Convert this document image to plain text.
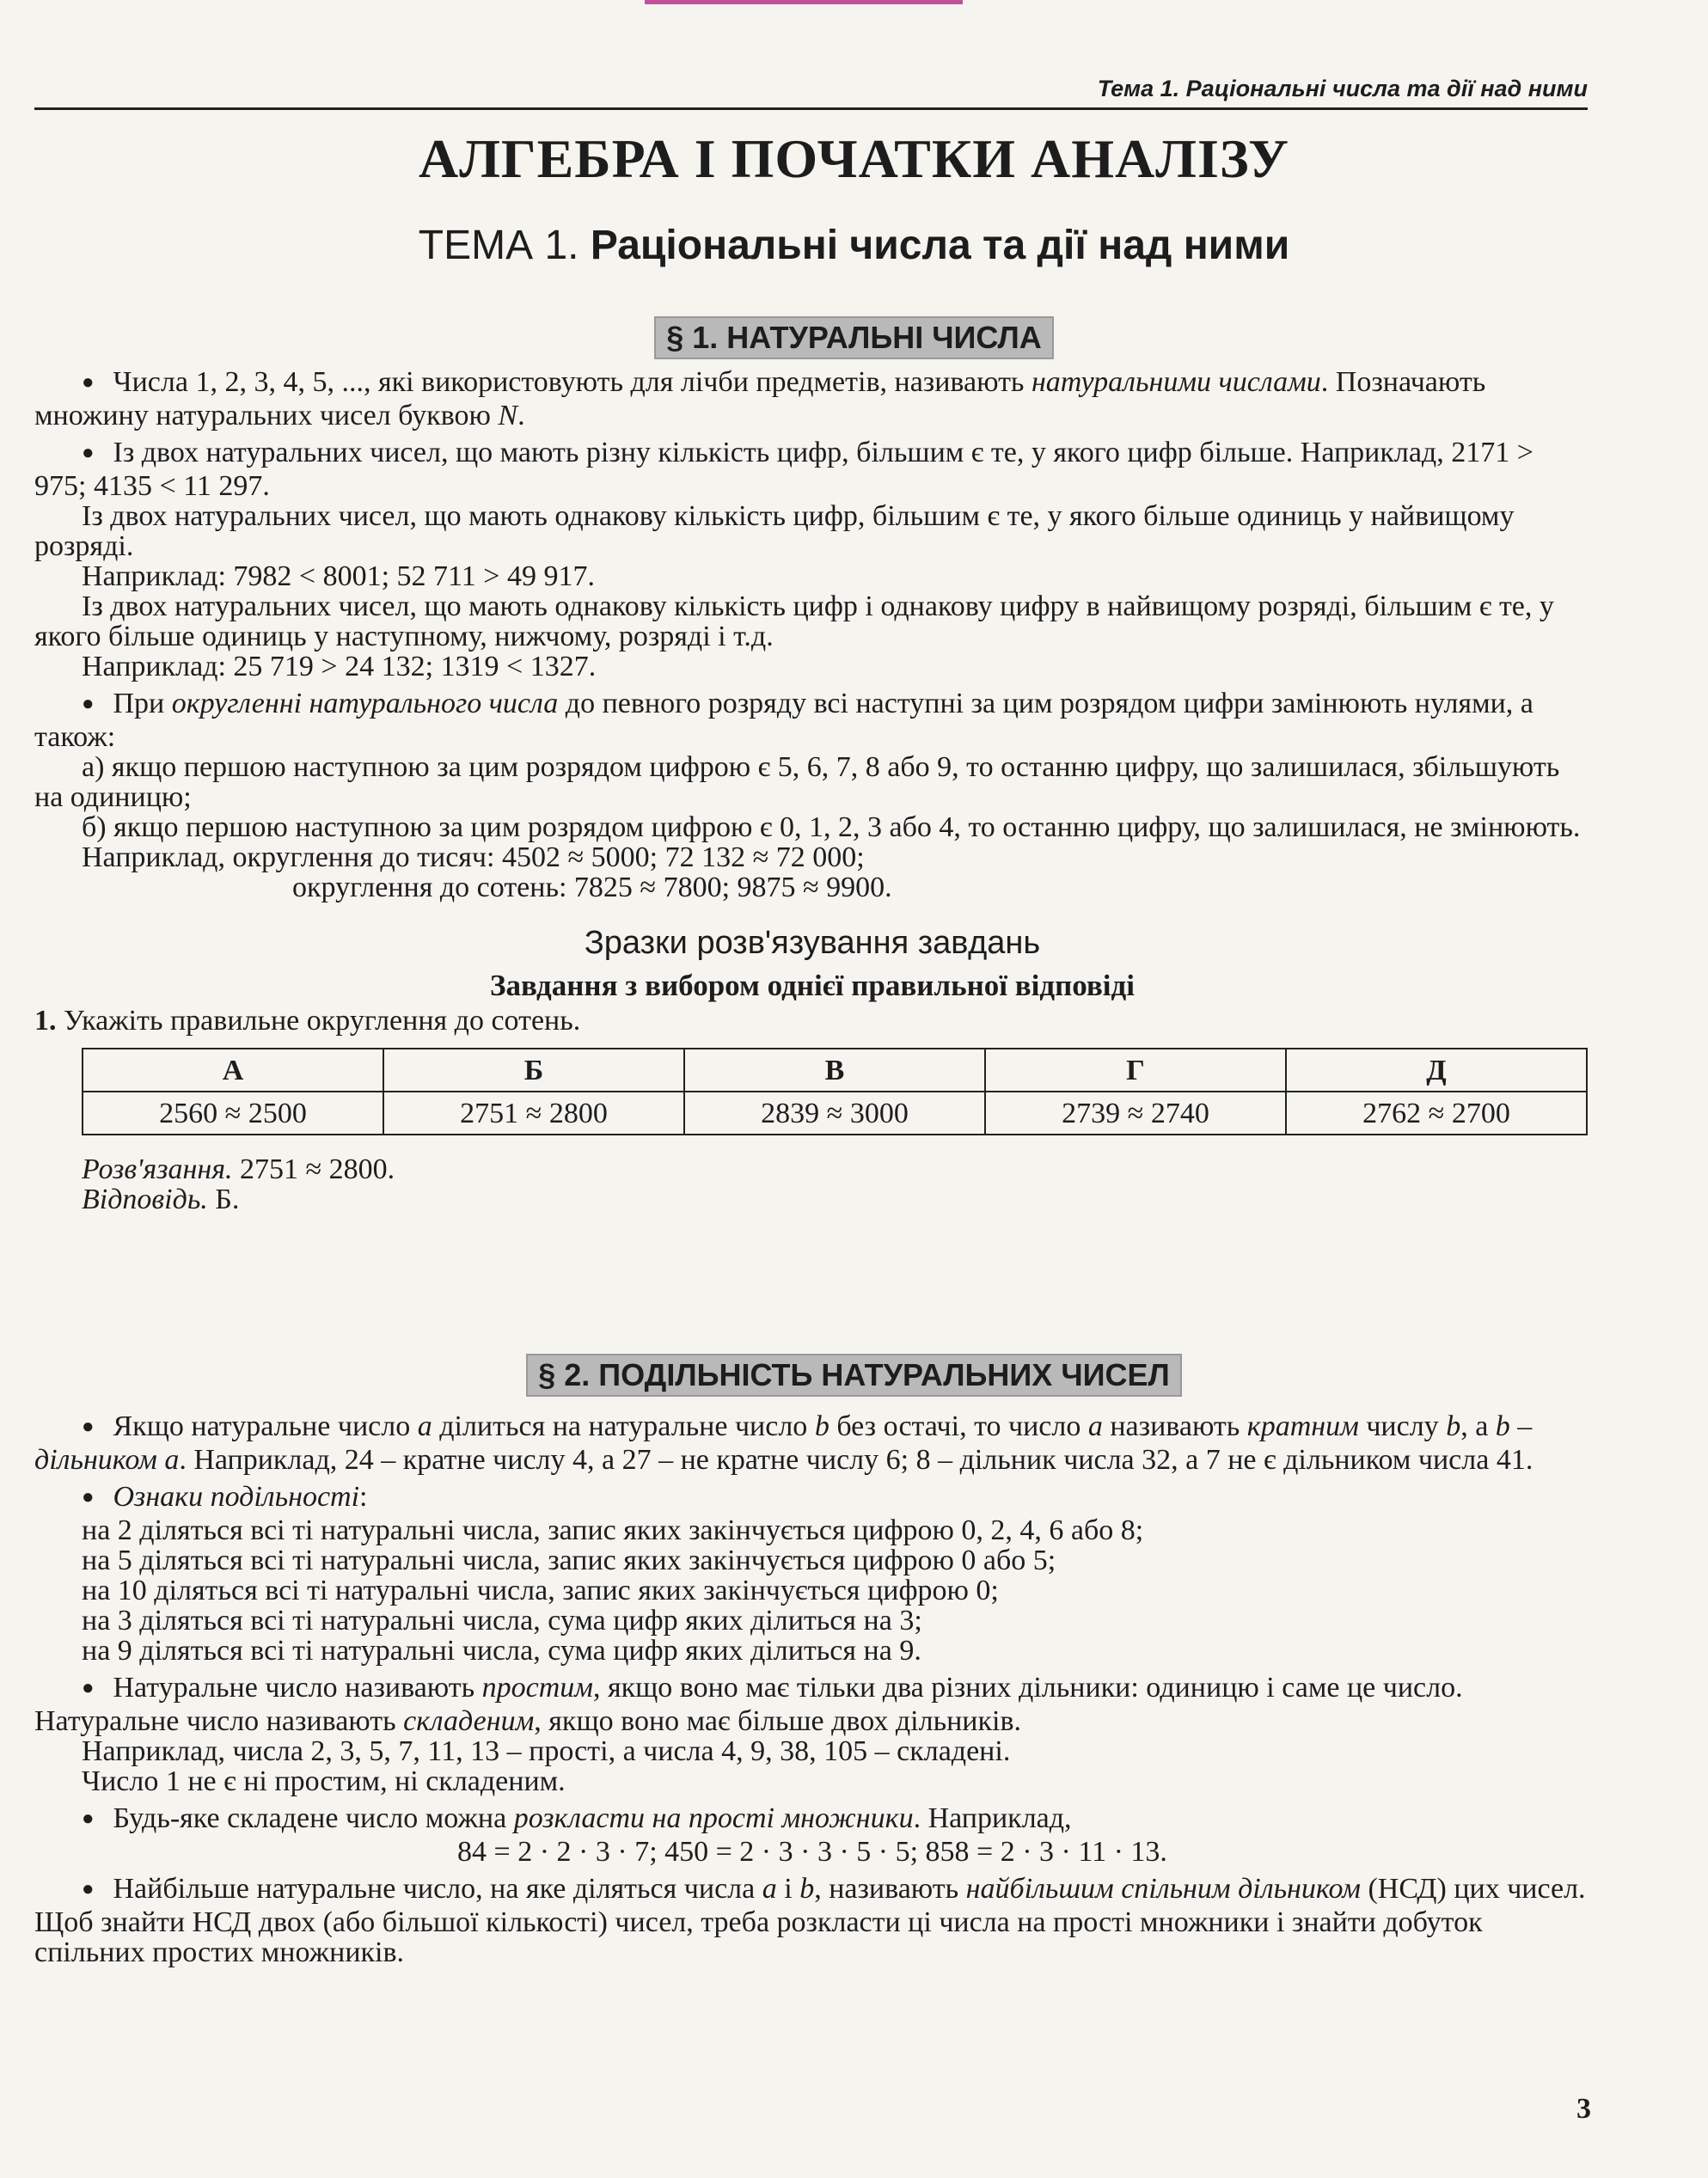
Тема 1. Раціональні числа та дії над ними
АЛГЕБРА І ПОЧАТКИ АНАЛІЗУ
ТЕМА 1. Раціональні числа та дії над ними
§ 1. НАТУРАЛЬНІ ЧИСЛА

● Числа 1, 2, 3, 4, 5, ..., які використовують для лічби предметів, називають натуральними числами. Позначають множину натуральних чисел буквою N.

● Із двох натуральних чисел, що мають різну кількість цифр, більшим є те, у якого цифр більше. Наприклад, 2171 > 975; 4135 < 11 297.

Із двох натуральних чисел, що мають однакову кількість цифр, більшим є те, у якого більше одиниць у найвищому розряді.

Наприклад: 7982 < 8001; 52 711 > 49 917.

Із двох натуральних чисел, що мають однакову кількість цифр і однакову цифру в найвищому розряді, більшим є те, у якого більше одиниць у наступному, нижчому, розряді і т.д.

Наприклад: 25 719 > 24 132; 1319 < 1327.

● При округленні натурального числа до певного розряду всі наступні за цим розрядом цифри замінюють нулями, а також:

а) якщо першою наступною за цим розрядом цифрою є 5, 6, 7, 8 або 9, то останню цифру, що залишилася, збільшують на одиницю;

б) якщо першою наступною за цим розрядом цифрою є 0, 1, 2, 3 або 4, то останню цифру, що залишилася, не змінюють.

Наприклад, округлення до тисяч: 4502 ≈ 5000; 72 132 ≈ 72 000;

округлення до сотень: 7825 ≈ 7800; 9875 ≈ 9900.

Зразки розв'язування завдань
Завдання з вибором однієї правильної відповіді

1. Укажіть правильне округлення до сотень.

А	Б	В	Г	Д
2560 ≈ 2500	2751 ≈ 2800	2839 ≈ 3000	2739 ≈ 2740	2762 ≈ 2700

Розв'язання. 2751 ≈ 2800.

Відповідь. Б.

§ 2. ПОДІЛЬНІСТЬ НАТУРАЛЬНИХ ЧИСЕЛ

● Якщо натуральне число a ділиться на натуральне число b без остачі, то число a називають кратним числу b, а b – дільником a. Наприклад, 24 – кратне числу 4, а 27 – не кратне числу 6; 8 – дільник числа 32, а 7 не є дільником числа 41.

● Ознаки подільності:

на 2 діляться всі ті натуральні числа, запис яких закінчується цифрою 0, 2, 4, 6 або 8;

на 5 діляться всі ті натуральні числа, запис яких закінчується цифрою 0 або 5;

на 10 діляться всі ті натуральні числа, запис яких закінчується цифрою 0;

на 3 діляться всі ті натуральні числа, сума цифр яких ділиться на 3;

на 9 діляться всі ті натуральні числа, сума цифр яких ділиться на 9.

● Натуральне число називають простим, якщо воно має тільки два різних дільники: одиницю і саме це число. Натуральне число називають складеним, якщо воно має більше двох дільників.

Наприклад, числа 2, 3, 5, 7, 11, 13 – прості, а числа 4, 9, 38, 105 – складені.

Число 1 не є ні простим, ні складеним.

● Будь-яке складене число можна розкласти на прості множники. Наприклад,

84 = 2 · 2 · 3 · 7; 450 = 2 · 3 · 3 · 5 · 5; 858 = 2 · 3 · 11 · 13.

● Найбільше натуральне число, на яке діляться числа a і b, називають найбільшим спільним дільником (НСД) цих чисел. Щоб знайти НСД двох (або більшої кількості) чисел, треба розкласти ці числа на прості множники і знайти добуток спільних простих множників.

3
